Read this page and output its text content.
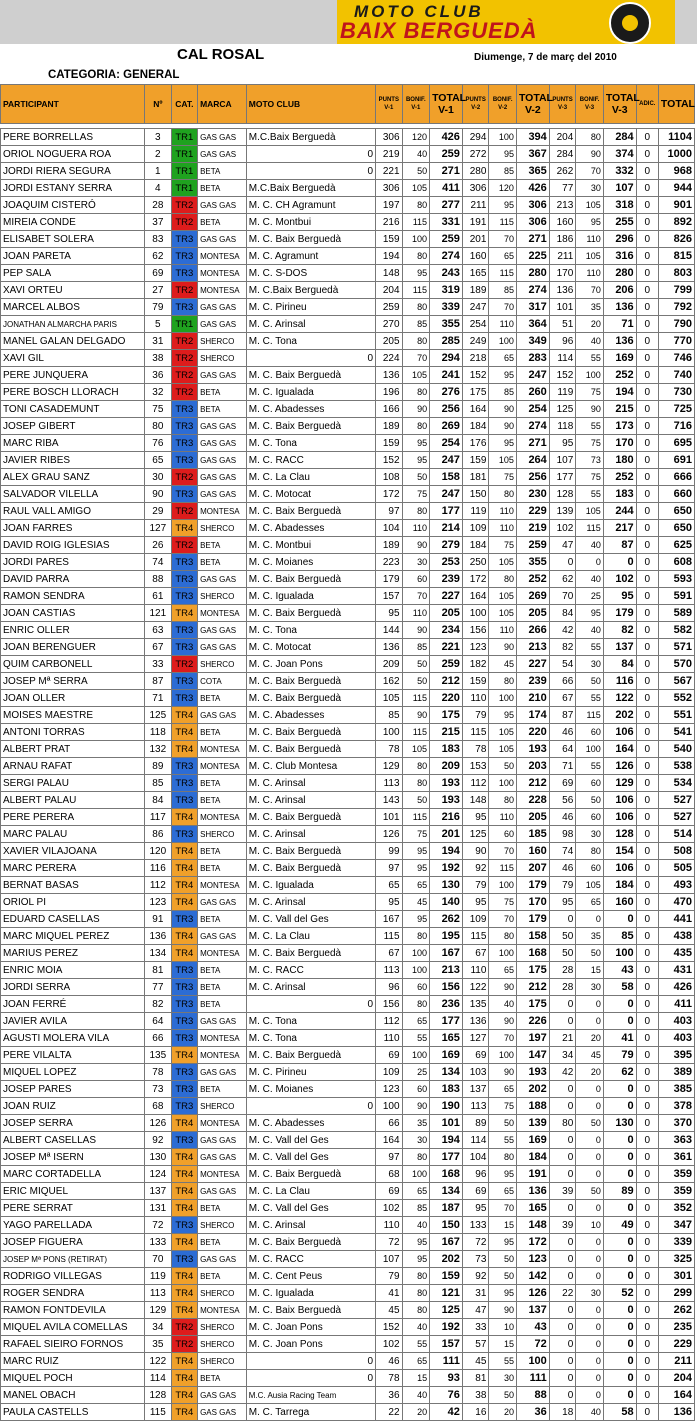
MOTO CLUB
BAIX BERGUEDÀ
CAL ROSAL	Diumenge, 7 de març del 2010
CATEGORIA: GENERAL
PARTICIPANT	Nº	CAT.	MARCA	MOTO CLUB	PUNTS
V-1	BONIF.
V-1	TOTAL
V-1	PUNTS
V-2	BONIF.
V-2	TOTAL
V-2	PUNTS
V-3	BONIF.
V-3	TOTAL
V-3	ADIC.	TOTAL

PERE BORRELLAS	3	TR1	GAS GAS	M.C.Baix Berguedà	306	120	426	294	100	394	204	80	284	0	1104
ORIOL NOGUERA ROA	2	TR1	GAS GAS	0	219	40	259	272	95	367	284	90	374	0	1000
JORDI RIERA SEGURA	1	TR1	BETA	0	221	50	271	280	85	365	262	70	332	0	968
JORDI ESTANY SERRA	4	TR1	BETA	M.C.Baix Berguedà	306	105	411	306	120	426	77	30	107	0	944
JOAQUIM CISTERÓ	28	TR2	GAS GAS	M. C. CH Agramunt	197	80	277	211	95	306	213	105	318	0	901
MIREIA CONDE	37	TR2	BETA	M. C. Montbui	216	115	331	191	115	306	160	95	255	0	892
ELISABET SOLERA	83	TR3	GAS GAS	M. C. Baix Berguedà	159	100	259	201	70	271	186	110	296	0	826
JOAN PARETA	62	TR3	MONTESA	M. C. Agramunt	194	80	274	160	65	225	211	105	316	0	815
PEP SALA	69	TR3	MONTESA	M. C. S-DOS	148	95	243	165	115	280	170	110	280	0	803
XAVI ORTEU	27	TR2	MONTESA	M. C.Baix Berguedà	204	115	319	189	85	274	136	70	206	0	799
MARCEL ALBOS	79	TR3	GAS GAS	M. C. Pirineu	259	80	339	247	70	317	101	35	136	0	792
JONATHAN ALMARCHA PARIS	5	TR1	GAS GAS	M. C. Arinsal	270	85	355	254	110	364	51	20	71	0	790
MANEL GALAN DELGADO	31	TR2	SHERCO	M. C. Tona	205	80	285	249	100	349	96	40	136	0	770
XAVI GIL	38	TR2	SHERCO	0	224	70	294	218	65	283	114	55	169	0	746
PERE JUNQUERA	36	TR2	GAS GAS	M. C. Baix Berguedà	136	105	241	152	95	247	152	100	252	0	740
PERE BOSCH LLORACH	32	TR2	BETA	M. C. Igualada	196	80	276	175	85	260	119	75	194	0	730
TONI CASADEMUNT	75	TR3	BETA	M. C. Abadesses	166	90	256	164	90	254	125	90	215	0	725
JOSEP GIBERT	80	TR3	GAS GAS	M. C. Baix Berguedà	189	80	269	184	90	274	118	55	173	0	716
MARC RIBA	76	TR3	GAS GAS	M. C. Tona	159	95	254	176	95	271	95	75	170	0	695
JAVIER RIBES	65	TR3	GAS GAS	M. C. RACC	152	95	247	159	105	264	107	73	180	0	691
ALEX GRAU SANZ	30	TR2	GAS GAS	M. C. La Clau	108	50	158	181	75	256	177	75	252	0	666
SALVADOR VILELLA	90	TR3	GAS GAS	M. C. Motocat	172	75	247	150	80	230	128	55	183	0	660
RAUL VALL AMIGO	29	TR2	MONTESA	M. C. Baix Berguedà	97	80	177	119	110	229	139	105	244	0	650
JOAN FARRES	127	TR4	SHERCO	M. C. Abadesses	104	110	214	109	110	219	102	115	217	0	650
DAVID ROIG IGLESIAS	26	TR2	BETA	M. C. Montbui	189	90	279	184	75	259	47	40	87	0	625
JORDI PARES	74	TR3	BETA	M. C. Moianes	223	30	253	250	105	355	0	0	0	0	608
DAVID PARRA	88	TR3	GAS GAS	M. C. Baix Berguedà	179	60	239	172	80	252	62	40	102	0	593
RAMON SENDRA	61	TR3	SHERCO	M. C. Igualada	157	70	227	164	105	269	70	25	95	0	591
JOAN CASTIAS	121	TR4	MONTESA	M. C. Baix Berguedà	95	110	205	100	105	205	84	95	179	0	589
ENRIC OLLER	63	TR3	GAS GAS	M. C. Tona	144	90	234	156	110	266	42	40	82	0	582
JOAN BERENGUER	67	TR3	GAS GAS	M. C. Motocat	136	85	221	123	90	213	82	55	137	0	571
QUIM CARBONELL	33	TR2	SHERCO	M. C. Joan Pons	209	50	259	182	45	227	54	30	84	0	570
JOSEP Mª SERRA	87	TR3	COTA	M. C. Baix Berguedà	162	50	212	159	80	239	66	50	116	0	567
JOAN OLLER	71	TR3	BETA	M. C. Baix Berguedà	105	115	220	110	100	210	67	55	122	0	552
MOISES MAESTRE	125	TR4	GAS GAS	M. C. Abadesses	85	90	175	79	95	174	87	115	202	0	551
ANTONI TORRAS	118	TR4	BETA	M. C. Baix Berguedà	100	115	215	115	105	220	46	60	106	0	541
ALBERT PRAT	132	TR4	MONTESA	M. C. Baix Berguedà	78	105	183	78	105	193	64	100	164	0	540
ARNAU RAFAT	89	TR3	MONTESA	M. C. Club Montesa	129	80	209	153	50	203	71	55	126	0	538
SERGI PALAU	85	TR3	BETA	M. C. Arinsal	113	80	193	112	100	212	69	60	129	0	534
ALBERT PALAU	84	TR3	BETA	M. C. Arinsal	143	50	193	148	80	228	56	50	106	0	527
PERE PERERA	117	TR4	MONTESA	M. C. Baix Berguedà	101	115	216	95	110	205	46	60	106	0	527
MARC PALAU	86	TR3	SHERCO	M. C. Arinsal	126	75	201	125	60	185	98	30	128	0	514
XAVIER VILAJOANA	120	TR4	BETA	M. C. Baix Berguedà	99	95	194	90	70	160	74	80	154	0	508
MARC PERERA	116	TR4	BETA	M. C. Baix Berguedà	97	95	192	92	115	207	46	60	106	0	505
BERNAT BASAS	112	TR4	MONTESA	M. C. Igualada	65	65	130	79	100	179	79	105	184	0	493
ORIOL PI	123	TR4	GAS GAS	M. C. Arinsal	95	45	140	95	75	170	95	65	160	0	470
EDUARD CASELLAS	91	TR3	BETA	M. C. Vall del Ges	167	95	262	109	70	179	0	0	0	0	441
MARC MIQUEL PEREZ	136	TR4	GAS GAS	M. C. La Clau	115	80	195	115	80	158	50	35	85	0	438
MARIUS PEREZ	134	TR4	MONTESA	M. C. Baix Berguedà	67	100	167	67	100	168	50	50	100	0	435
ENRIC MOIA	81	TR3	BETA	M. C. RACC	113	100	213	110	65	175	28	15	43	0	431
JORDI SERRA	77	TR3	BETA	M. C. Arinsal	96	60	156	122	90	212	28	30	58	0	426
JOAN FERRÉ	82	TR3	BETA	0	156	80	236	135	40	175	0	0	0	0	411
JAVIER AVILA	64	TR3	GAS GAS	M. C. Tona	112	65	177	136	90	226	0	0	0	0	403
AGUSTI MOLERA VILA	66	TR3	MONTESA	M. C. Tona	110	55	165	127	70	197	21	20	41	0	403
PERE VILALTA	135	TR4	MONTESA	M. C. Baix Berguedà	69	100	169	69	100	147	34	45	79	0	395
MIQUEL LOPEZ	78	TR3	GAS GAS	M. C. Pirineu	109	25	134	103	90	193	42	20	62	0	389
JOSEP PARES	73	TR3	BETA	M. C. Moianes	123	60	183	137	65	202	0	0	0	0	385
JOAN RUIZ	68	TR3	SHERCO	0	100	90	190	113	75	188	0	0	0	0	378
JOSEP SERRA	126	TR4	MONTESA	M. C. Abadesses	66	35	101	89	50	139	80	50	130	0	370
ALBERT CASELLAS	92	TR3	GAS GAS	M. C. Vall del Ges	164	30	194	114	55	169	0	0	0	0	363
JOSEP Mª ISERN	130	TR4	GAS GAS	M. C. Vall del Ges	97	80	177	104	80	184	0	0	0	0	361
MARC CORTADELLA	124	TR4	MONTESA	M. C. Baix Berguedà	68	100	168	96	95	191	0	0	0	0	359
ERIC MIQUEL	137	TR4	GAS GAS	M. C. La Clau	69	65	134	69	65	136	39	50	89	0	359
PERE SERRAT	131	TR4	BETA	M. C. Vall del Ges	102	85	187	95	70	165	0	0	0	0	352
YAGO PARELLADA	72	TR3	SHERCO	M. C. Arinsal	110	40	150	133	15	148	39	10	49	0	347
JOSEP FIGUERA	133	TR4	BETA	M. C. Baix Berguedà	72	95	167	72	95	172	0	0	0	0	339
JOSEP Mª PONS (RETIRAT)	70	TR3	GAS GAS	M. C. RACC	107	95	202	73	50	123	0	0	0	0	325
RODRIGO VILLEGAS	119	TR4	BETA	M. C. Cent Peus	79	80	159	92	50	142	0	0	0	0	301
ROGER SENDRA	113	TR4	SHERCO	M. C. Igualada	41	80	121	31	95	126	22	30	52	0	299
RAMON FONTDEVILA	129	TR4	MONTESA	M. C. Baix Berguedà	45	80	125	47	90	137	0	0	0	0	262
MIQUEL AVILA COMELLAS	34	TR2	SHERCO	M. C. Joan Pons	152	40	192	33	10	43	0	0	0	0	235
RAFAEL SIEIRO FORNOS	35	TR2	SHERCO	M. C. Joan Pons	102	55	157	57	15	72	0	0	0	0	229
MARC RUIZ	122	TR4	SHERCO	0	46	65	111	45	55	100	0	0	0	0	211
MIQUEL POCH	114	TR4	BETA	0	78	15	93	81	30	111	0	0	0	0	204
MANEL OBACH	128	TR4	GAS GAS	M.C. Ausia Racing Team	36	40	76	38	50	88	0	0	0	0	164
PAULA CASTELLS	115	TR4	GAS GAS	M. C. Tarrega	22	20	42	16	20	36	18	40	58	0	136
